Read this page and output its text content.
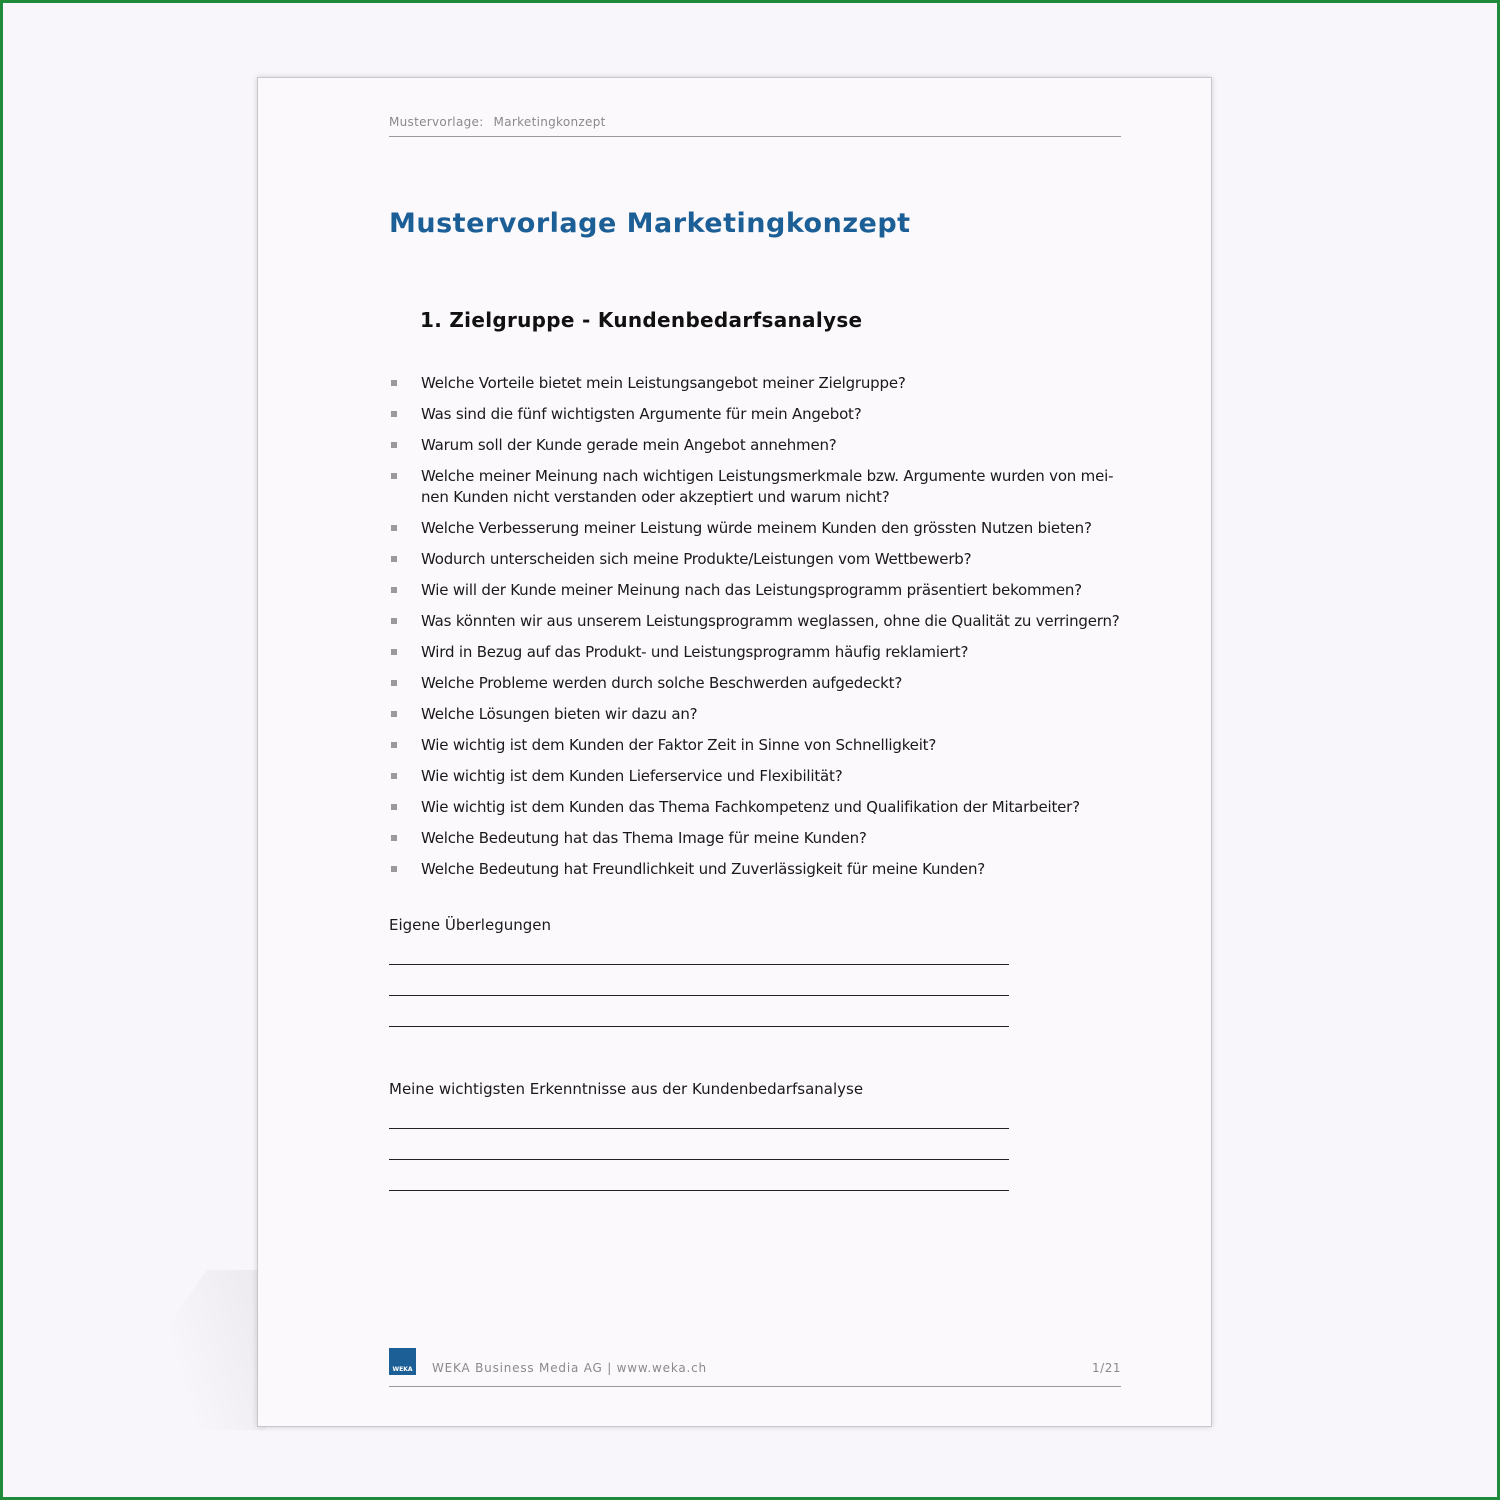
Mustervorlage: Marketingkonzept
Mustervorlage Marketingkonzept
1. Zielgruppe - Kundenbedarfsanalyse
Welche Vorteile bietet mein Leistungsangebot meiner Zielgruppe?
Was sind die fünf wichtigsten Argumente für mein Angebot?
Warum soll der Kunde gerade mein Angebot annehmen?
Welche meiner Meinung nach wichtigen Leistungsmerkmale bzw. Argumente wurden von mei-nen Kunden nicht verstanden oder akzeptiert und warum nicht?
Welche Verbesserung meiner Leistung würde meinem Kunden den grössten Nutzen bieten?
Wodurch unterscheiden sich meine Produkte/Leistungen vom Wettbewerb?
Wie will der Kunde meiner Meinung nach das Leistungsprogramm präsentiert bekommen?
Was könnten wir aus unserem Leistungsprogramm weglassen, ohne die Qualität zu verringern?
Wird in Bezug auf das Produkt- und Leistungsprogramm häufig reklamiert?
Welche Probleme werden durch solche Beschwerden aufgedeckt?
Welche Lösungen bieten wir dazu an?
Wie wichtig ist dem Kunden der Faktor Zeit in Sinne von Schnelligkeit?
Wie wichtig ist dem Kunden Lieferservice und Flexibilität?
Wie wichtig ist dem Kunden das Thema Fachkompetenz und Qualifikation der Mitarbeiter?
Welche Bedeutung hat das Thema Image für meine Kunden?
Welche Bedeutung hat Freundlichkeit und Zuverlässigkeit für meine Kunden?
Eigene Überlegungen
Meine wichtigsten Erkenntnisse aus der Kundenbedarfsanalyse
WEKA WEKA Business Media AG | www.weka.ch	1/21
